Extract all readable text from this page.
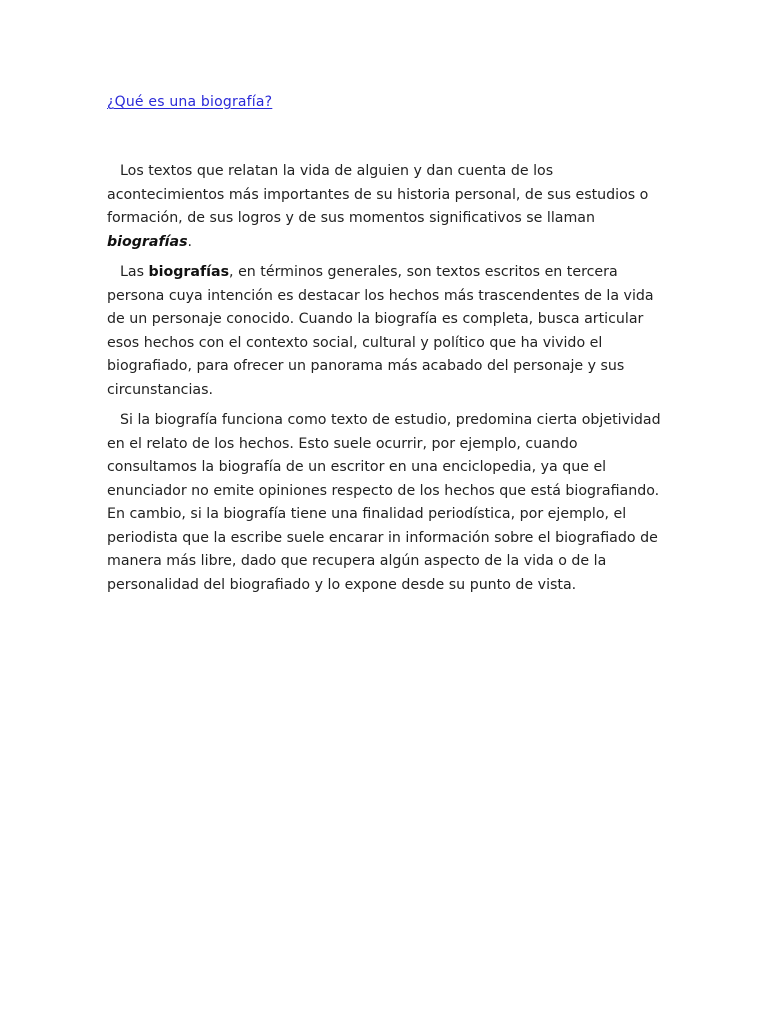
¿Qué es una biografía?

Los textos que relatan la vida de alguien y dan cuenta de los acontecimientos más importantes de su historia personal, de sus estudios o formación, de sus logros y de sus momentos significativos se llaman biografías.

Las biografías, en términos generales, son textos escritos en tercera persona cuya intención es destacar los hechos más trascendentes de la vida de un personaje conocido. Cuando la biografía es completa, busca articular esos hechos con el contexto social, cultural y político que ha vivido el biografiado, para ofrecer un panorama más acabado del personaje y sus circunstancias.

Si la biografía funciona como texto de estudio, predomina cierta objetividad en el relato de los hechos. Esto suele ocurrir, por ejemplo, cuando consultamos la biografía de un escritor en una enciclopedia, ya que el enunciador no emite opiniones respecto de los hechos que está biografiando. En cambio, si la biografía tiene una finalidad periodística, por ejemplo, el periodista que la escribe suele encarar in información sobre el biografiado de manera más libre, dado que recupera algún aspecto de la vida o de la personalidad del biografiado y lo expone desde su punto de vista.
